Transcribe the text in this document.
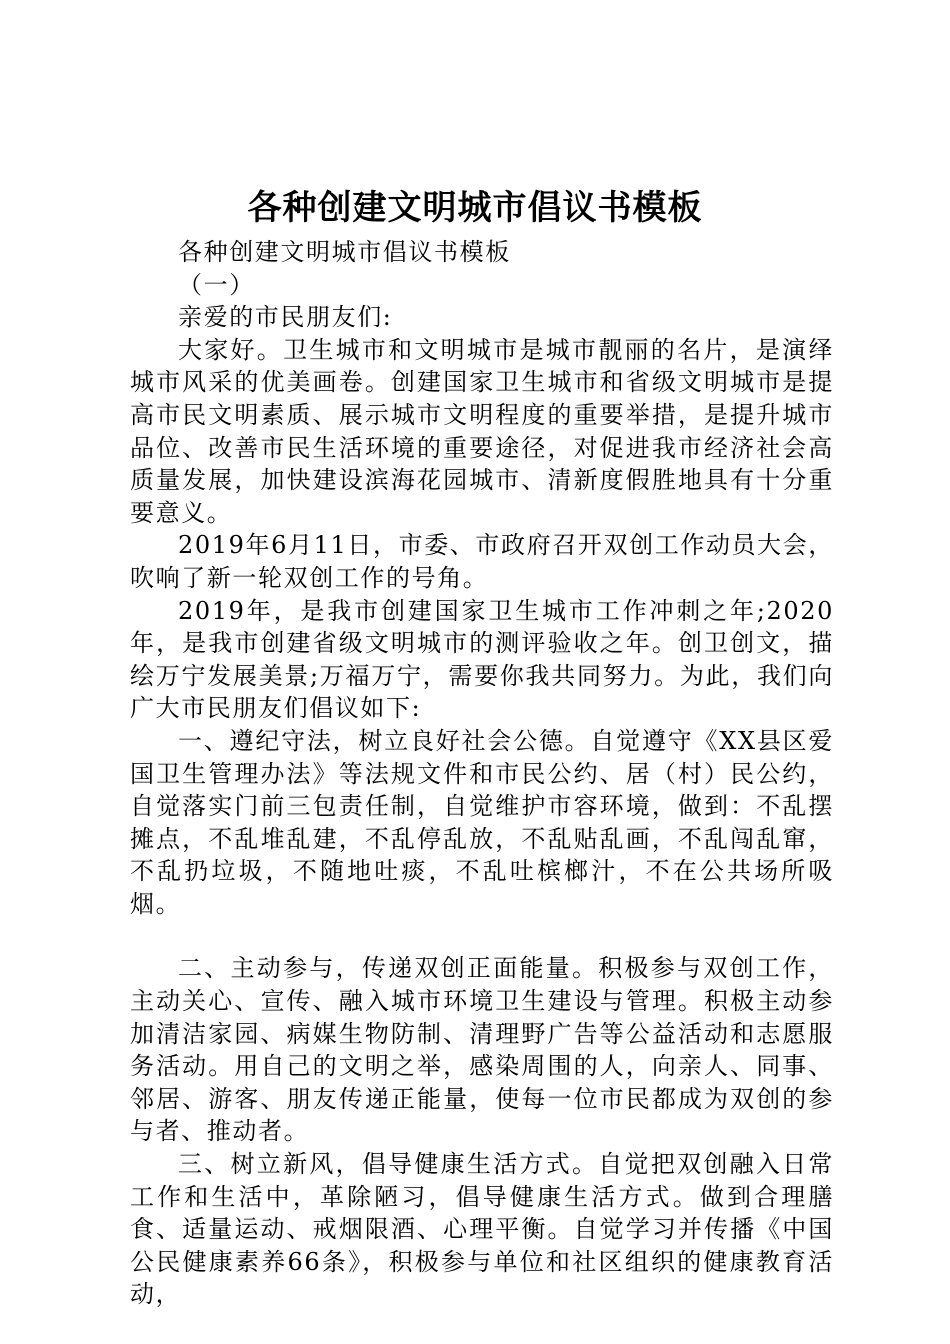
各种创建文明城市倡议书模板

各种创建文明城市倡议书模板

（一）

亲爱的市民朋友们:

大家好。卫生城市和文明城市是城市靓丽的名片，是演绎城市风采的优美画卷。创建国家卫生城市和省级文明城市是提高市民文明素质、展示城市文明程度的重要举措，是提升城市品位、改善市民生活环境的重要途径，对促进我市经济社会高质量发展，加快建设滨海花园城市、清新度假胜地具有十分重要意义。

2019年6月11日，市委、市政府召开双创工作动员大会，吹响了新一轮双创工作的号角。

2019年，是我市创建国家卫生城市工作冲刺之年;2020年，是我市创建省级文明城市的测评验收之年。创卫创文，描绘万宁发展美景;万福万宁，需要你我共同努力。为此，我们向广大市民朋友们倡议如下:

一、遵纪守法，树立良好社会公德。自觉遵守《XX县区爱国卫生管理办法》等法规文件和市民公约、居（村）民公约，自觉落实门前三包责任制，自觉维护市容环境，做到：不乱摆摊点，不乱堆乱建，不乱停乱放，不乱贴乱画，不乱闯乱窜，不乱扔垃圾，不随地吐痰，不乱吐槟榔汁，不在公共场所吸烟。

二、主动参与，传递双创正面能量。积极参与双创工作，主动关心、宣传、融入城市环境卫生建设与管理。积极主动参加清洁家园、病媒生物防制、清理野广告等公益活动和志愿服务活动。用自己的文明之举，感染周围的人，向亲人、同事、邻居、游客、朋友传递正能量，使每一位市民都成为双创的参与者、推动者。

三、树立新风，倡导健康生活方式。自觉把双创融入日常工作和生活中，革除陋习，倡导健康生活方式。做到合理膳食、适量运动、戒烟限酒、心理平衡。自觉学习并传播《中国公民健康素养66条》，积极参与单位和社区组织的健康教育活动，
